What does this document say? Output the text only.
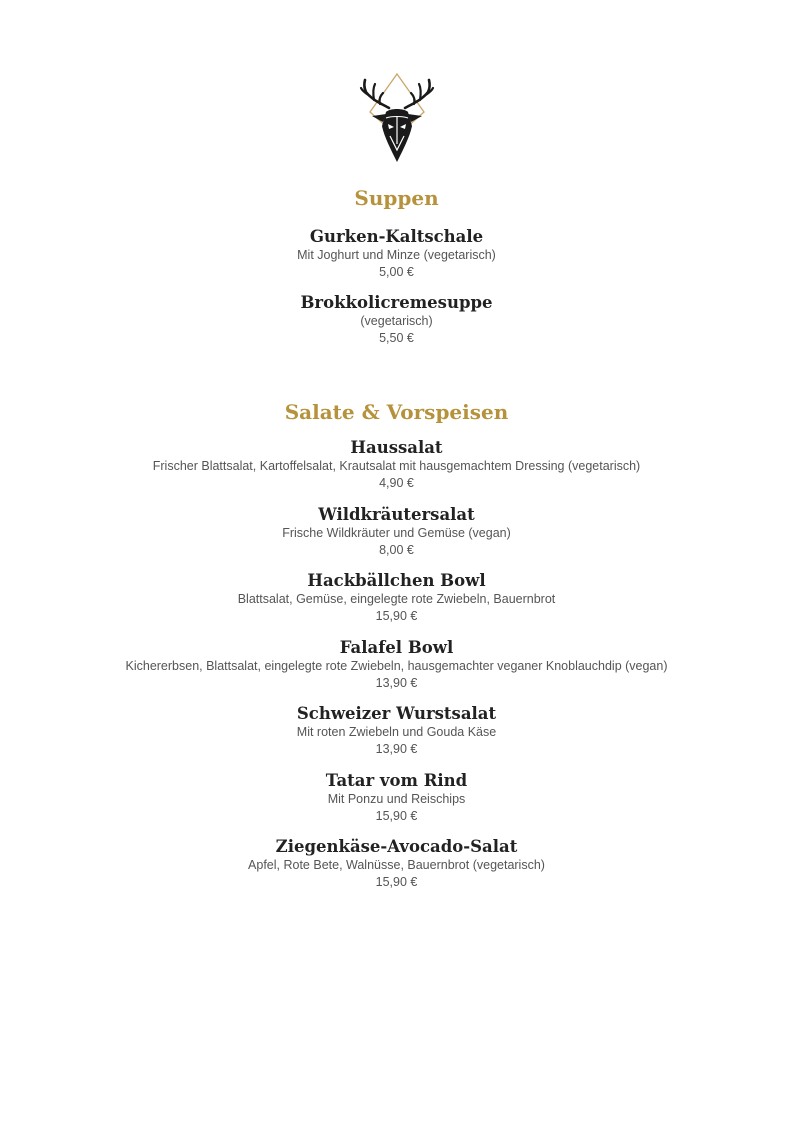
Suppen

Gurken-Kaltschale

Mit Joghurt und Minze (vegetarisch)

5,00 €

Brokkolicremesuppe

(vegetarisch)

5,50 €

Salate & Vorspeisen

Haussalat

Frischer Blattsalat, Kartoffelsalat, Krautsalat mit hausgemachtem Dressing (vegetarisch)

4,90 €

Wildkräutersalat

Frische Wildkräuter und Gemüse (vegan)

8,00 €

Hackbällchen Bowl

Blattsalat, Gemüse, eingelegte rote Zwiebeln, Bauernbrot

15,90 €

Falafel Bowl

Kichererbsen, Blattsalat, eingelegte rote Zwiebeln, hausgemachter veganer Knoblauchdip (vegan)

13,90 €

Schweizer Wurstsalat

Mit roten Zwiebeln und Gouda Käse

13,90 €

Tatar vom Rind

Mit Ponzu und Reischips

15,90 €

Ziegenkäse-Avocado-Salat

Apfel, Rote Bete, Walnüsse, Bauernbrot (vegetarisch)

15,90 €
